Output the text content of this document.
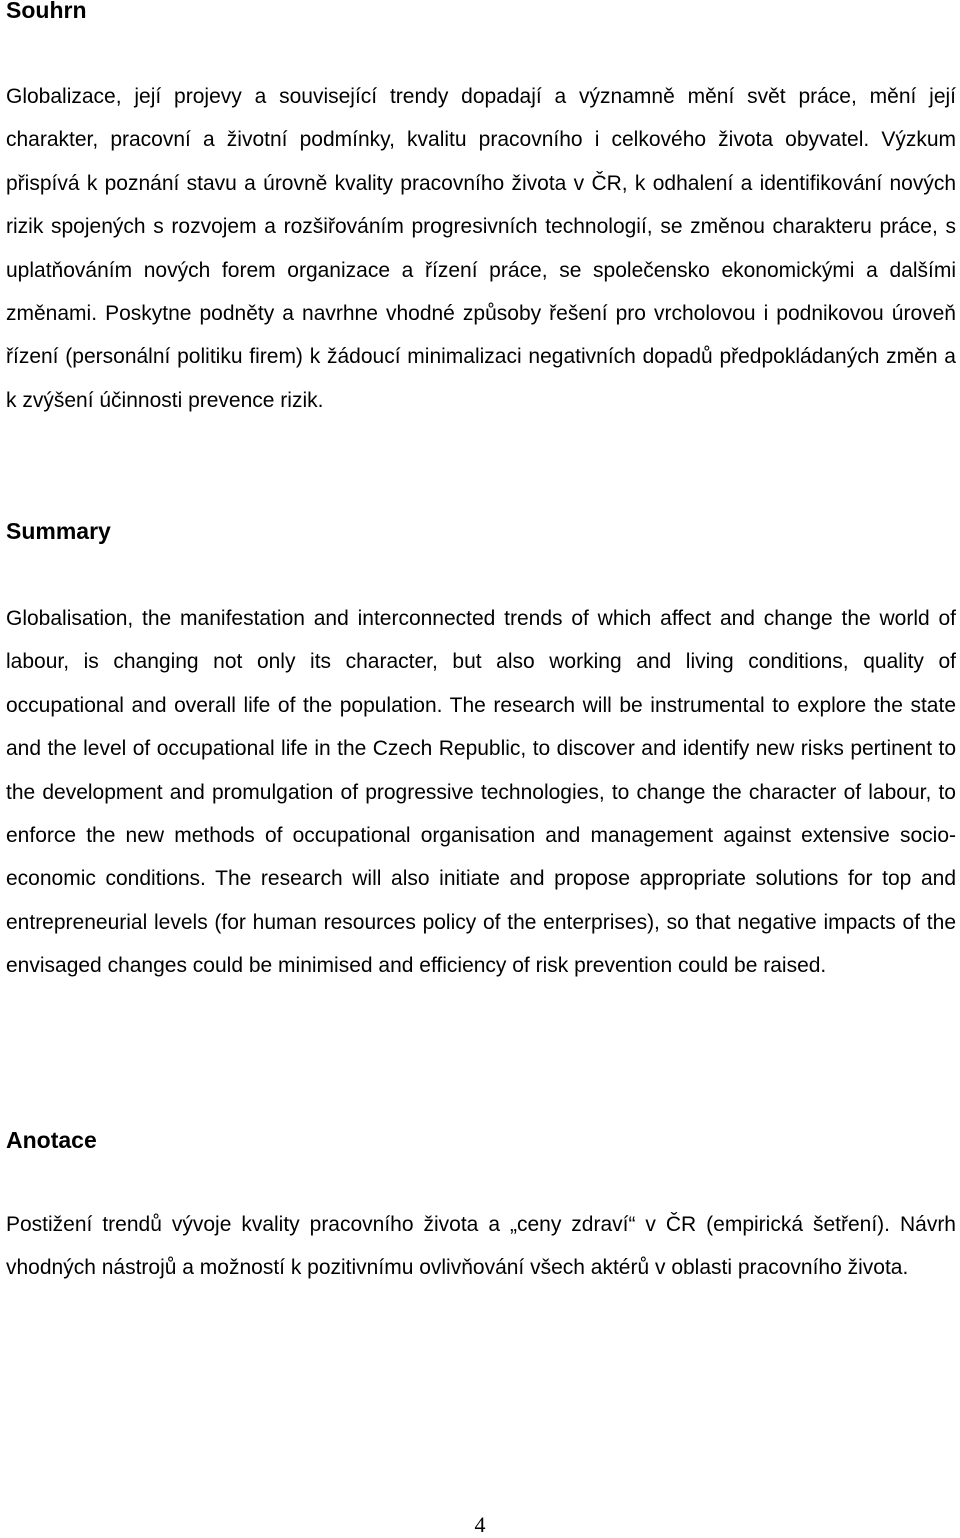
Souhrn

Globalizace, její projevy a související trendy dopadají a významně mění svět práce, mění její charakter, pracovní a životní podmínky, kvalitu pracovního i celkového života obyvatel. Výzkum přispívá k poznání stavu a úrovně kvality pracovního života v ČR, k odhalení a identifikování nových rizik spojených s rozvojem a rozšiřováním progresivních technologií, se změnou charakteru práce, s uplatňováním nových forem organizace a řízení práce, se společensko ekonomickými a dalšími změnami. Poskytne podněty a navrhne vhodné způsoby řešení pro vrcholovou i podnikovou úroveň řízení (personální politiku firem) k žádoucí minimalizaci negativních dopadů předpokládaných změn a k zvýšení účinnosti prevence rizik.

Summary

Globalisation, the manifestation and interconnected trends of which affect and change the world of labour, is changing not only its character, but also working and living conditions, quality of occupational and overall life of the population. The research will be instrumental to explore the state and the level of occupational life in the Czech Republic, to discover and identify new risks pertinent to the development and promulgation of progressive technologies, to change the character of labour, to enforce the new methods of occupational organisation and management against extensive socio-economic conditions. The research will also initiate and propose appropriate solutions for top and entrepreneurial levels (for human resources policy of the enterprises), so that negative impacts of the envisaged changes could be minimised and efficiency of risk prevention could be raised.

Anotace

Postižení trendů vývoje kvality pracovního života a „ceny zdraví“ v ČR (empirická šetření). Návrh vhodných nástrojů a možností k pozitivnímu ovlivňování všech aktérů v oblasti pracovního života.

4
